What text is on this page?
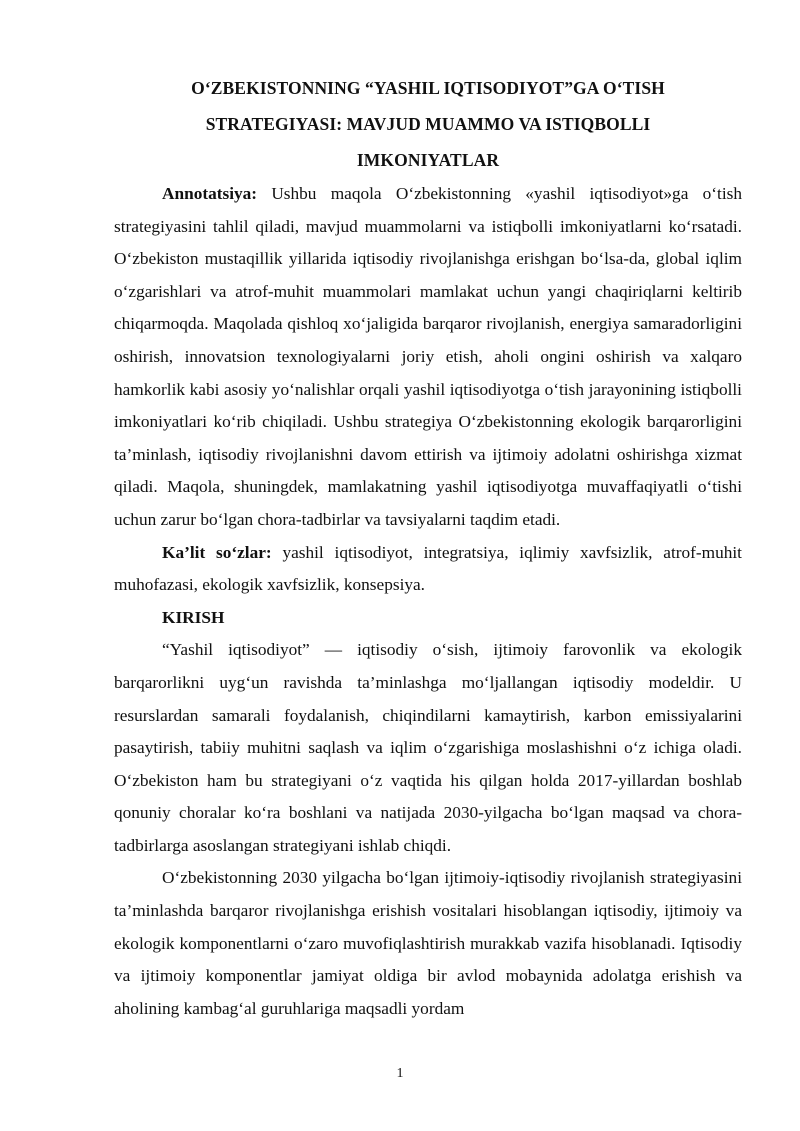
O‘ZBEKISTONNING “YASHIL IQTISODIYOT”GA O‘TISH
STRATEGIYASI: MAVJUD MUAMMO VA ISTIQBOLLI
IMKONIYATLAR

Annotatsiya: Ushbu maqola O‘zbekistonning «yashil iqtisodiyot»ga o‘tish strategiyasini tahlil qiladi, mavjud muammolarni va istiqbolli imkoniyatlarni ko‘rsatadi. O‘zbekiston mustaqillik yillarida iqtisodiy rivojlanishga erishgan bo‘lsa-da, global iqlim o‘zgarishlari va atrof-muhit muammolari mamlakat uchun yangi chaqiriqlarni keltirib chiqarmoqda. Maqolada qishloq xo‘jaligida barqaror rivojlanish, energiya samaradorligini oshirish, innovatsion texnologiyalarni joriy etish, aholi ongini oshirish va xalqaro hamkorlik kabi asosiy yo‘nalishlar orqali yashil iqtisodiyotga o‘tish jarayonining istiqbolli imkoniyatlari ko‘rib chiqiladi. Ushbu strategiya O‘zbekistonning ekologik barqarorligini ta’minlash, iqtisodiy rivojlanishni davom ettirish va ijtimoiy adolatni oshirishga xizmat qiladi. Maqola, shuningdek, mamlakatning yashil iqtisodiyotga muvaffaqiyatli o‘tishi uchun zarur bo‘lgan chora-tadbirlar va tavsiyalarni taqdim etadi.

Ka’lit so‘zlar: yashil iqtisodiyot, integratsiya, iqlimiy xavfsizlik, atrof-muhit muhofazasi, ekologik xavfsizlik, konsepsiya.

KIRISH

“Yashil iqtisodiyot” — iqtisodiy o‘sish, ijtimoiy farovonlik va ekologik barqarorlikni uyg‘un ravishda ta’minlashga mo‘ljallangan iqtisodiy modeldir. U resurslardan samarali foydalanish, chiqindilarni kamaytirish, karbon emissiyalarini pasaytirish, tabiiy muhitni saqlash va iqlim o‘zgarishiga moslashishni o‘z ichiga oladi. O‘zbekiston ham bu strategiyani o‘z vaqtida his qilgan holda 2017-yillardan boshlab qonuniy choralar ko‘ra boshlani va natijada 2030-yilgacha bo‘lgan maqsad va chora-tadbirlarga asoslangan strategiyani ishlab chiqdi.

O‘zbekistonning 2030 yilgacha bo‘lgan ijtimoiy-iqtisodiy rivojlanish strategiyasini ta’minlashda barqaror rivojlanishga erishish vositalari hisoblangan iqtisodiy, ijtimoiy va ekologik komponentlarni o‘zaro muvofiqlashtirish murakkab vazifa hisoblanadi. Iqtisodiy va ijtimoiy komponentlar jamiyat oldiga bir avlod mobaynida adolatga erishish va aholining kambag‘al guruhlariga maqsadli yordam

1
